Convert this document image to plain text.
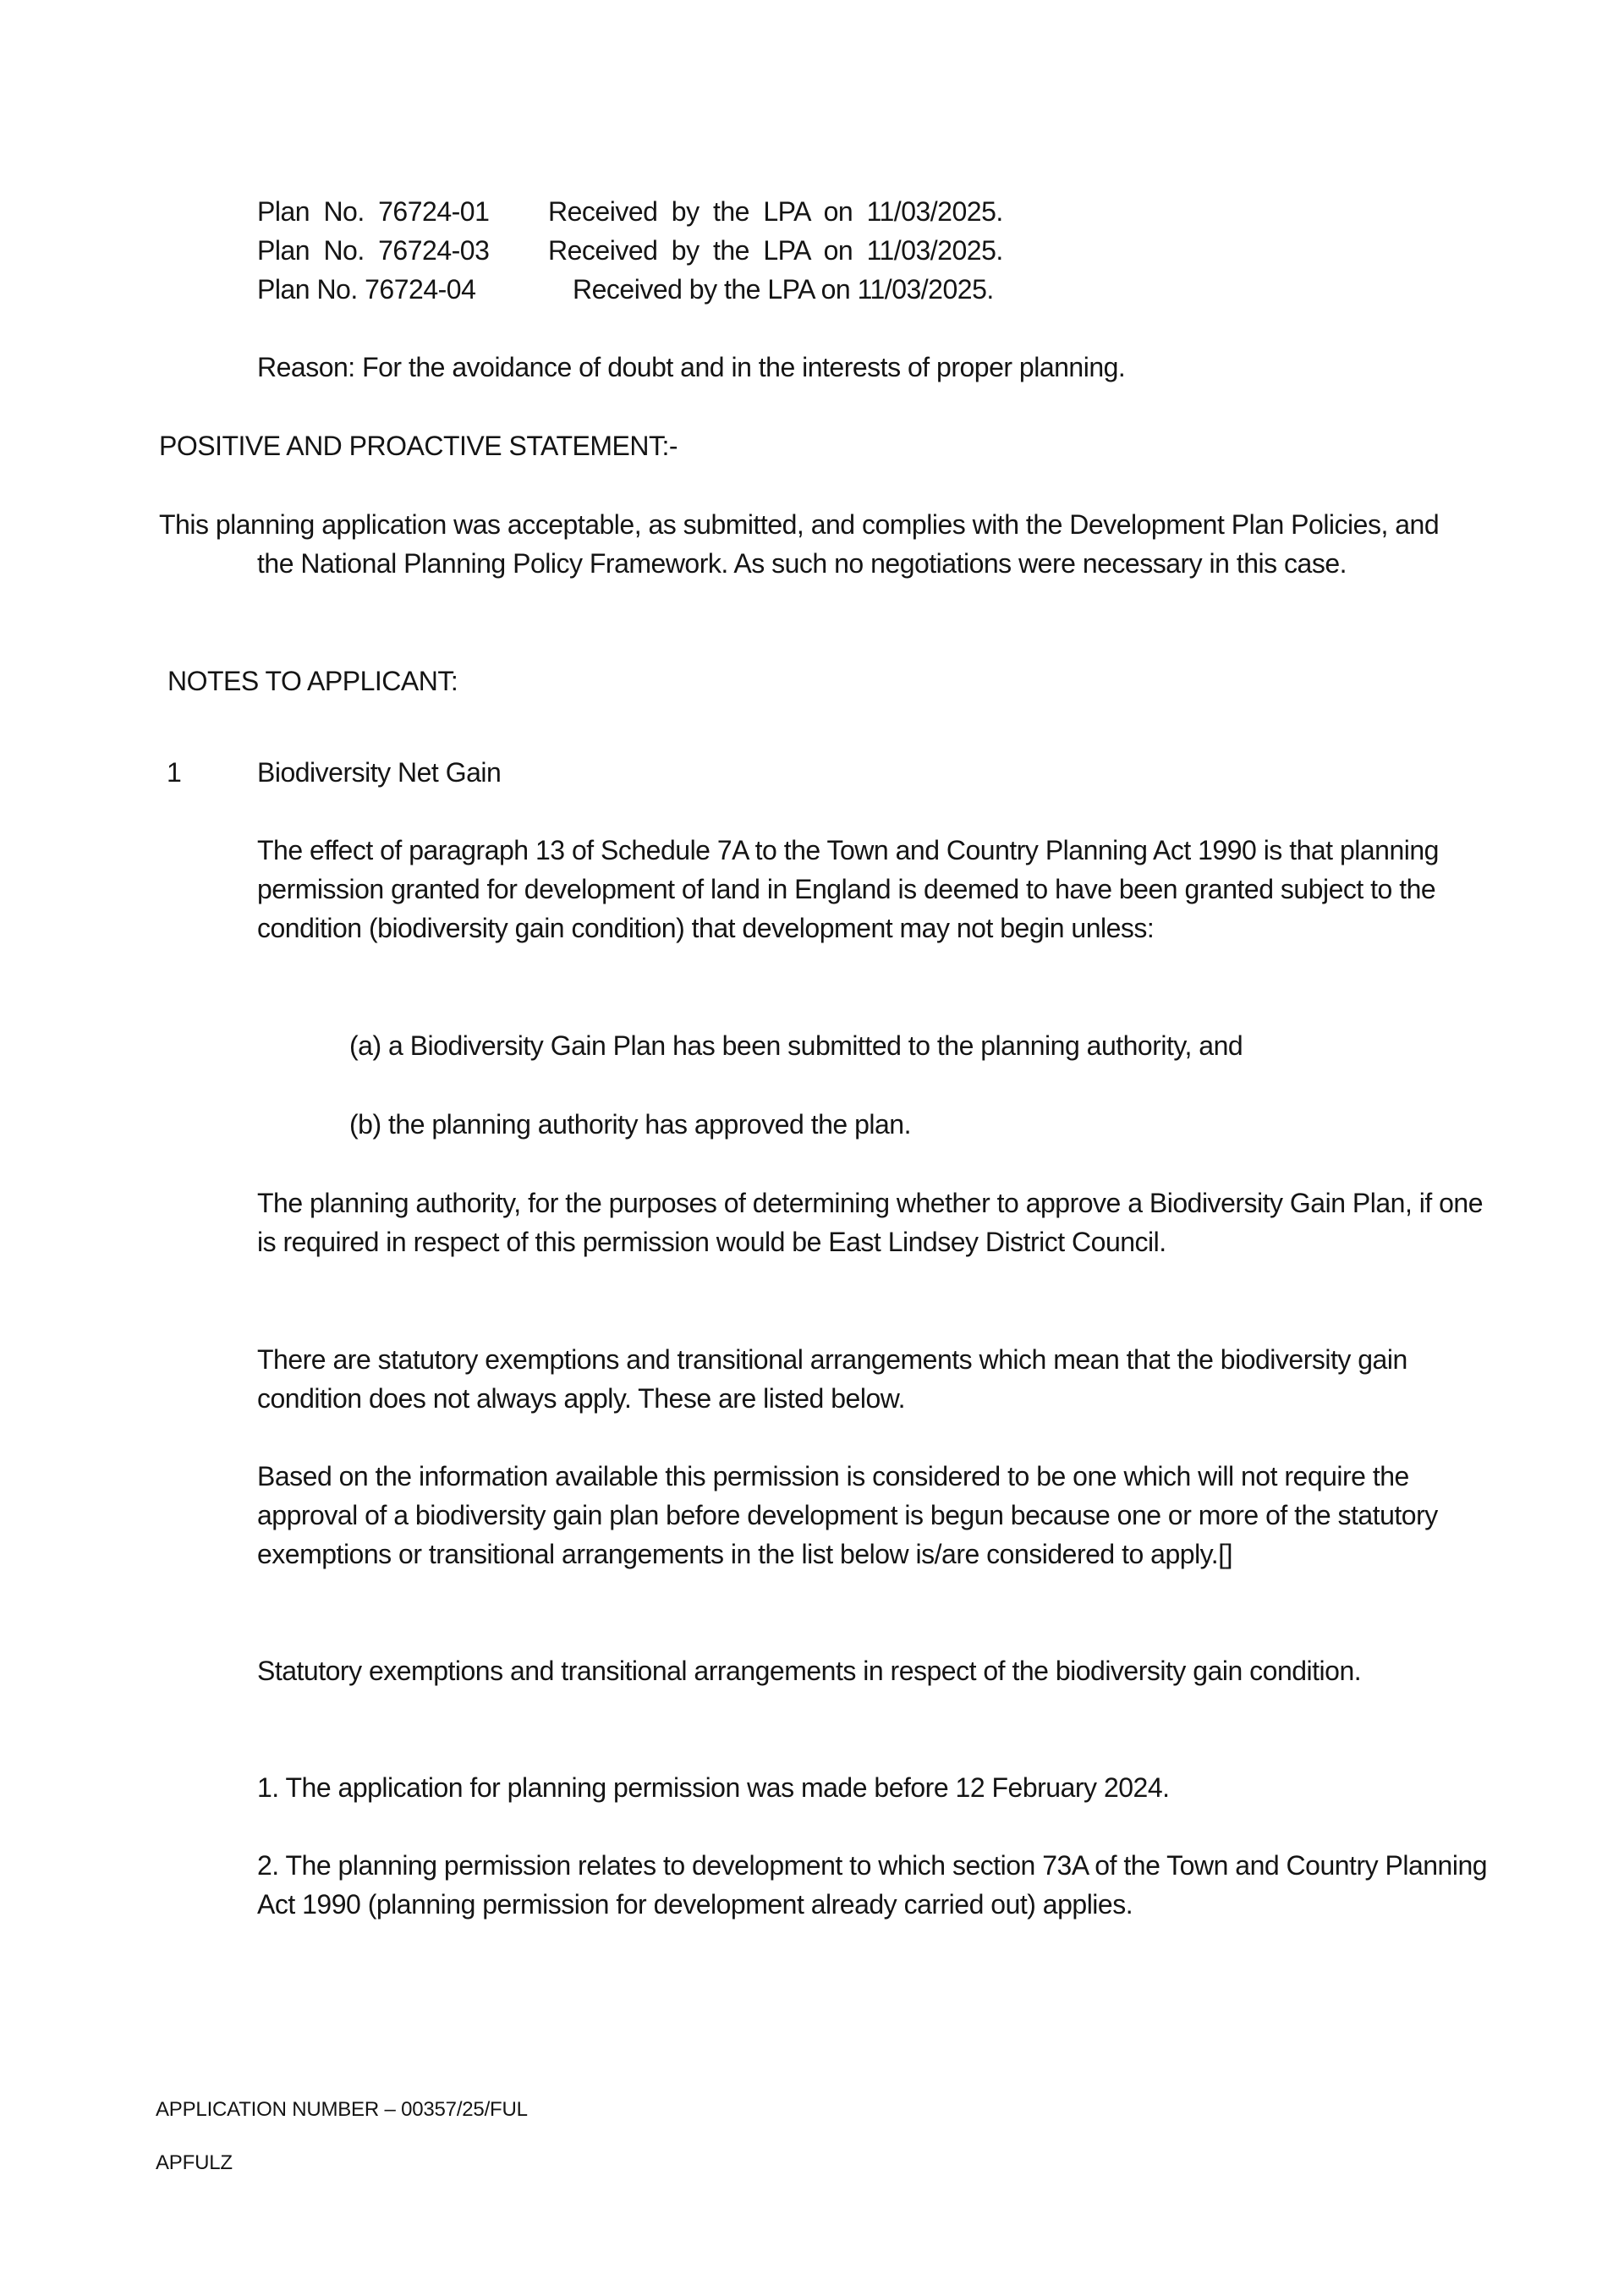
Plan No. 76724-01	Received by the LPA on 11/03/2025.
Plan No. 76724-03	Received by the LPA on 11/03/2025.
Plan No. 76724-04	Received by the LPA on 11/03/2025.
Reason: For the avoidance of doubt and in the interests of proper planning.
POSITIVE AND PROACTIVE STATEMENT:-
This planning application was acceptable, as submitted, and complies with the Development Plan Policies, and the National Planning Policy Framework. As such no negotiations were necessary in this case.
NOTES TO APPLICANT:
1	Biodiversity Net Gain
The effect of paragraph 13 of Schedule 7A to the Town and Country Planning Act 1990 is that planning permission granted for development of land in England is deemed to have been granted subject to the condition (biodiversity gain condition) that development may not begin unless:
(a) a Biodiversity Gain Plan has been submitted to the planning authority, and
(b) the planning authority has approved the plan.
The planning authority, for the purposes of determining whether to approve a Biodiversity Gain Plan, if one is required in respect of this permission would be East Lindsey District Council.
There are statutory exemptions and transitional arrangements which mean that the biodiversity gain condition does not always apply. These are listed below.
Based on the information available this permission is considered to be one which will not require the approval of a biodiversity gain plan before development is begun because one or more of the statutory exemptions or transitional arrangements in the list below is/are considered to apply.[]
Statutory exemptions and transitional arrangements in respect of the biodiversity gain condition.
1. The application for planning permission was made before 12 February 2024.
2. The planning permission relates to development to which section 73A of the Town and Country Planning Act 1990 (planning permission for development already carried out) applies.
APPLICATION NUMBER – 00357/25/FUL
APFULZ
